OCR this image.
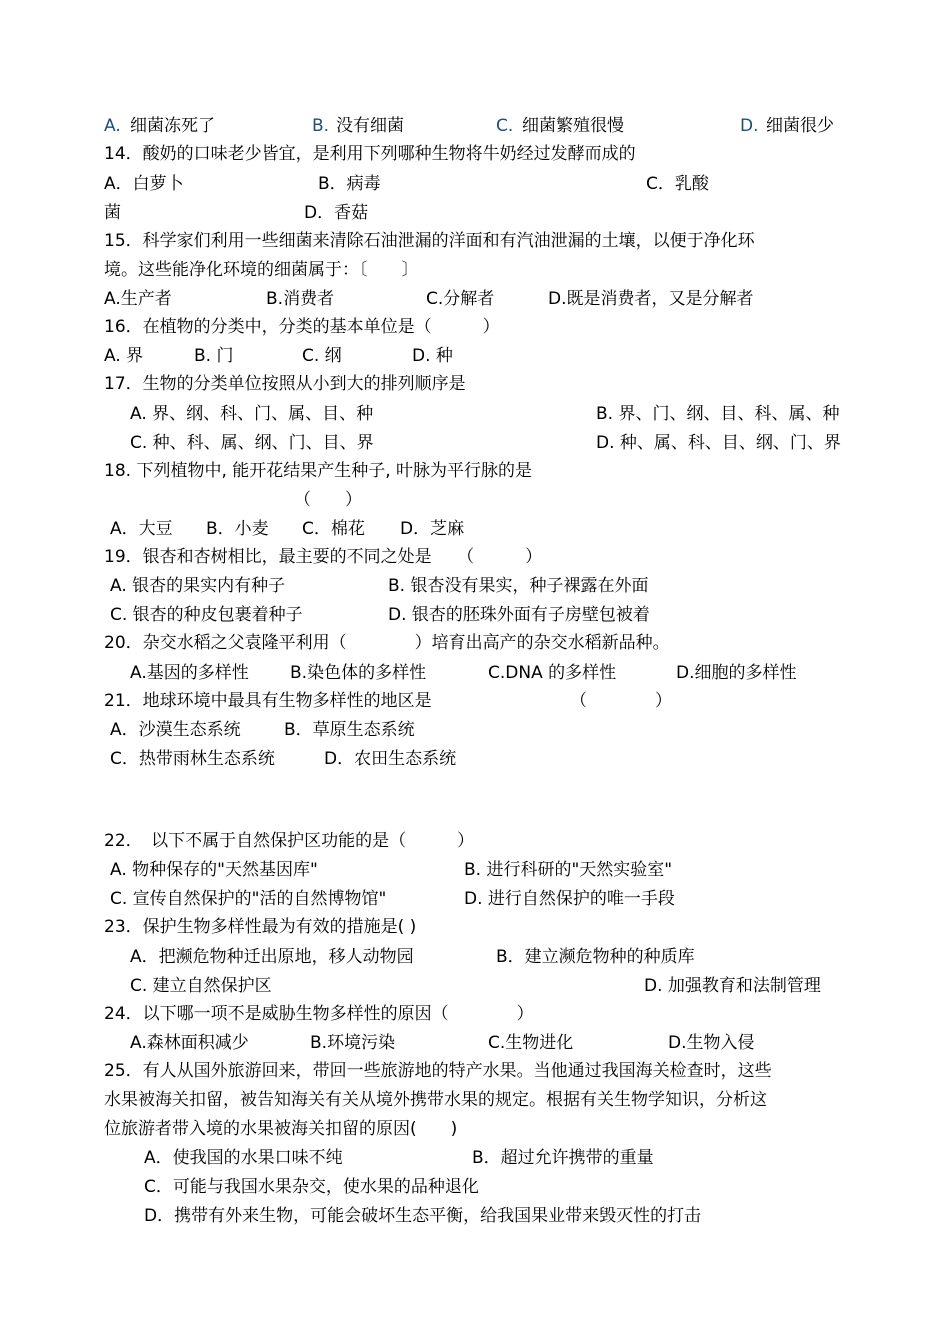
A. 细菌冻死了	B. 没有细菌	C. 细菌繁殖很慢	D. 细菌很少
14．酸奶的口味老少皆宜，是利用下列哪种生物将牛奶经过发酵而成的
A．白萝卜	B．病毒	C．乳酸
菌	D．香菇
15．科学家们利用一些细菌来清除石油泄漏的洋面和有汽油泄漏的土壤，以便于净化环
境。这些能净化环境的细菌属于：〔　　〕
A.生产者	B.消费者	C.分解者	D.既是消费者，又是分解者
16．在植物的分类中，分类的基本单位是（　　　）
A. 界	B. 门	C. 纲	D. 种
17．生物的分类单位按照从小到大的排列顺序是
A. 界、纲、科、门、属、目、种	B. 界、门、纲、目、科、属、种
C. 种、科、属、纲、门、目、界	D. 种、属、科、目、纲、门、界
18. 下列植物中, 能开花结果产生种子, 叶脉为平行脉的是
（　　）
A．大豆 B．小麦 C．棉花 D．芝麻
19．银杏和杏树相比，最主要的不同之处是　　（　　　）
A. 银杏的果实内有种子	B. 银杏没有果实，种子裸露在外面
C. 银杏的种皮包裹着种子	D. 银杏的胚珠外面有子房壁包被着
20．杂交水稻之父袁隆平利用（　　　　）培育出高产的杂交水稻新品种。
A.基因的多样性 B.染色体的多样性	C.DNA 的多样性	D.细胞的多样性
21．地球环境中最具有生物多样性的地区是	（　　　　）
A．沙漠生态系统	B．草原生态系统
C．热带雨林生态系统	D．农田生态系统
22．　以下不属于自然保护区功能的是（　　　）
A. 物种保存的"天然基因库"	B. 进行科研的"天然实验室"
C. 宣传自然保护的"活的自然博物馆"	D. 进行自然保护的唯一手段
23．保护生物多样性最为有效的措施是( )
A．把濒危物种迁出原地，移人动物园	B．建立濒危物种的种质库
C. 建立自然保护区	D. 加强教育和法制管理
24．以下哪一项不是威胁生物多样性的原因（　　　　）
A.森林面积减少	B.环境污染	C.生物进化	D.生物入侵
25．有人从国外旅游回来，带回一些旅游地的特产水果。当他通过我国海关检查时，这些
水果被海关扣留，被告知海关有关从境外携带水果的规定。根据有关生物学知识，分析这
位旅游者带入境的水果被海关扣留的原因(　　)
A．使我国的水果口味不纯	B．超过允许携带的重量
C．可能与我国水果杂交，使水果的品种退化
D．携带有外来生物，可能会破坏生态平衡，给我国果业带来毁灭性的打击
